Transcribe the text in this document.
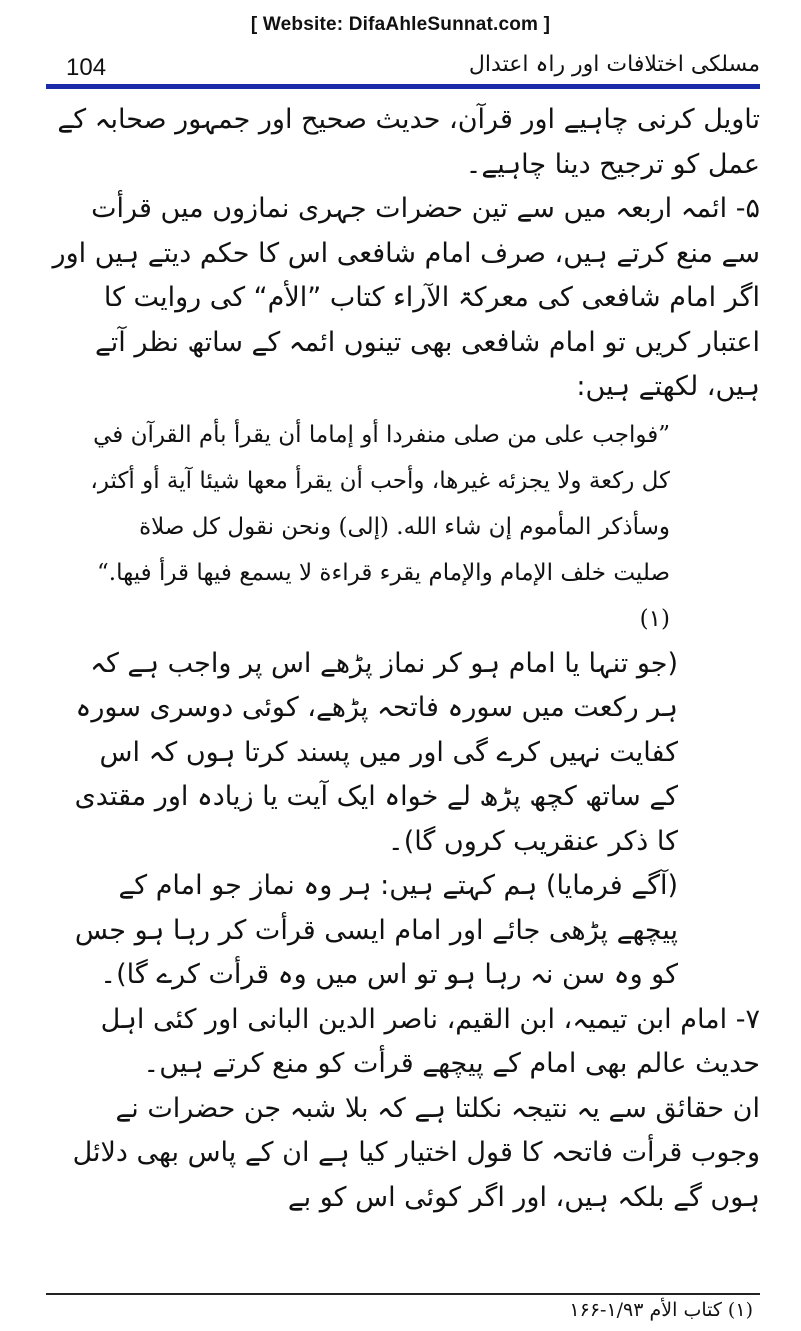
[ Website: DifaAhleSunnat.com ]
104	مسلکی اختلافات اور راہ اعتدال

تاویل کرنی چاہیے اور قرآن، حدیث صحیح اور جمہور صحابہ کے عمل کو ترجیح دینا چاہیے۔

۵- ائمہ اربعہ میں سے تین حضرات جہری نمازوں میں قرأت سے منع کرتے ہیں، صرف امام شافعی اس کا حکم دیتے ہیں اور اگر امام شافعی کی معرکۃ الآراء کتاب ”الأم“ کی روایت کا اعتبار کریں تو امام شافعی بھی تینوں ائمہ کے ساتھ نظر آتے ہیں، لکھتے ہیں:

”فواجب على من صلى منفردا أو إماما أن يقرأ بأم القرآن في كل ركعة ولا يجزئه غيرها، وأحب أن يقرأ معها شيئا آية أو أكثر، وسأذكر المأموم إن شاء الله. (إلى) ونحن نقول كل صلاة صليت خلف الإمام والإمام يقرء قراءة لا يسمع فيها قرأ فيها.“ (۱)

(جو تنہا یا امام ہو کر نماز پڑھے اس پر واجب ہے کہ ہر رکعت میں سورہ فاتحہ پڑھے، کوئی دوسری سورہ کفایت نہیں کرے گی اور میں پسند کرتا ہوں کہ اس کے ساتھ کچھ پڑھ لے خواہ ایک آیت یا زیادہ اور مقتدی کا ذکر عنقریب کروں گا)۔

(آگے فرمایا) ہم کہتے ہیں: ہر وہ نماز جو امام کے پیچھے پڑھی جائے اور امام ایسی قرأت کر رہا ہو جس کو وہ سن نہ رہا ہو تو اس میں وہ قرأت کرے گا)۔

۷- امام ابن تیمیہ، ابن القیم، ناصر الدین البانی اور کئی اہل حدیث عالم بھی امام کے پیچھے قرأت کو منع کرتے ہیں۔

ان حقائق سے یہ نتیجہ نکلتا ہے کہ بلا شبہ جن حضرات نے وجوب قرأت فاتحہ کا قول اختیار کیا ہے ان کے پاس بھی دلائل ہوں گے بلکہ ہیں، اور اگر کوئی اس کو بے

(۱) كتاب الأم ۱/۹۳-۱۶۶
